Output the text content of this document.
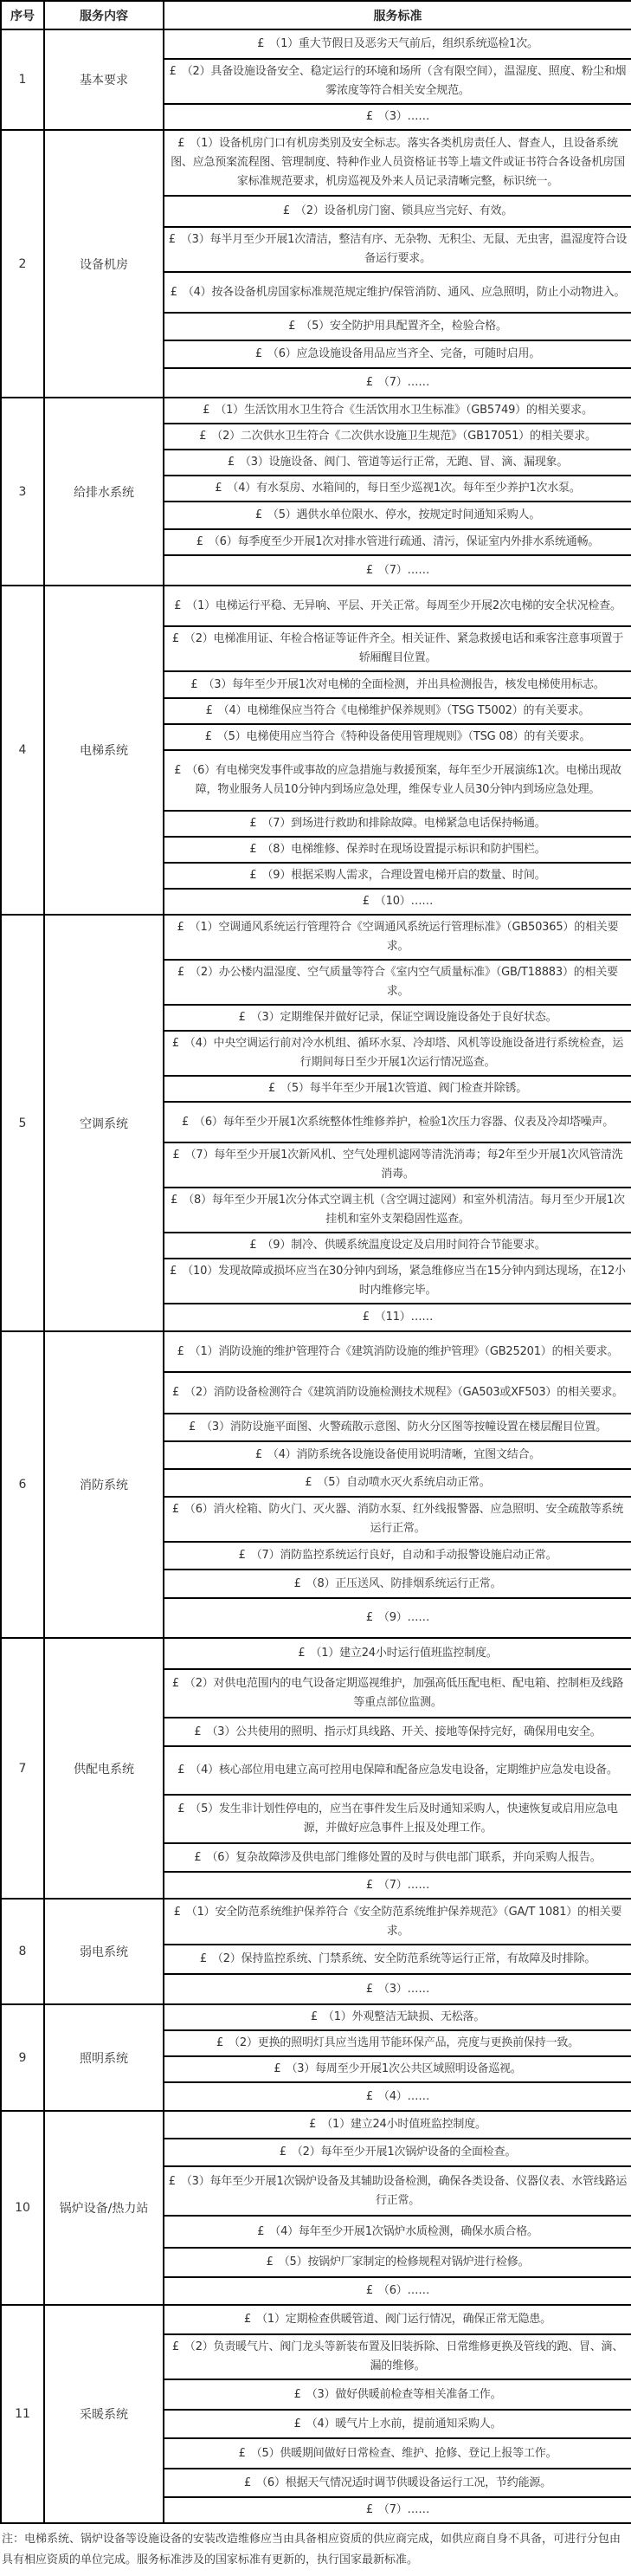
序号	服务内容	服务标准
1	基本要求	£ （1）重大节假日及恶劣天气前后，组织系统巡检1次。
		£ （2）具备设施设备安全、稳定运行的环境和场所（含有限空间），温湿度、照度、粉尘和烟雾浓度等符合相关安全规范。
		£ （3）……
2	设备机房	£ （1）设备机房门口有机房类别及安全标志。落实各类机房责任人、督查人，且设备系统图、应急预案流程图、管理制度、特种作业人员资格证书等上墙文件或证书符合各设备机房国家标准规范要求，机房巡视及外来人员记录清晰完整，标识统一。
		£ （2）设备机房门窗、锁具应当完好、有效。
		£ （3）每半月至少开展1次清洁，整洁有序、无杂物、无积尘、无鼠、无虫害，温湿度符合设备运行要求。
		£ （4）按各设备机房国家标准规范规定维护/保管消防、通风、应急照明，防止小动物进入。
		£ （5）安全防护用具配置齐全，检验合格。
		£ （6）应急设施设备用品应当齐全、完备，可随时启用。
		£ （7）……
3	给排水系统	£ （1）生活饮用水卫生符合《生活饮用水卫生标准》（GB5749）的相关要求。
		£ （2）二次供水卫生符合《二次供水设施卫生规范》（GB17051）的相关要求。
		£ （3）设施设备、阀门、管道等运行正常，无跑、冒、滴、漏现象。
		£ （4）有水泵房、水箱间的，每日至少巡视1次。每年至少养护1次水泵。
		£ （5）遇供水单位限水、停水，按规定时间通知采购人。
		£ （6）每季度至少开展1次对排水管进行疏通、清污，保证室内外排水系统通畅。
		£ （7）……
4	电梯系统	£ （1）电梯运行平稳、无异响、平层、开关正常。每周至少开展2次电梯的安全状况检查。
		£ （2）电梯准用证、年检合格证等证件齐全。相关证件、紧急救援电话和乘客注意事项置于轿厢醒目位置。
		£ （3）每年至少开展1次对电梯的全面检测，并出具检测报告，核发电梯使用标志。
		£ （4）电梯维保应当符合《电梯维护保养规则》（TSG T5002）的有关要求。
		£ （5）电梯使用应当符合《特种设备使用管理规则》（TSG 08）的有关要求。
		£ （6）有电梯突发事件或事故的应急措施与救援预案，每年至少开展演练1次。电梯出现故障，物业服务人员10分钟内到场应急处理，维保专业人员30分钟内到场应急处理。
		£ （7）到场进行救助和排除故障。电梯紧急电话保持畅通。
		£ （8）电梯维修、保养时在现场设置提示标识和防护围栏。
		£ （9）根据采购人需求，合理设置电梯开启的数量、时间。
		£ （10）……
5	空调系统	£ （1）空调通风系统运行管理符合《空调通风系统运行管理标准》（GB50365）的相关要求。
		£ （2）办公楼内温湿度、空气质量等符合《室内空气质量标准》（GB/T18883）的相关要求。
		£ （3）定期维保并做好记录，保证空调设施设备处于良好状态。
		£ （4）中央空调运行前对冷水机组、循环水泵、冷却塔、风机等设施设备进行系统检查，运行期间每日至少开展1次运行情况巡查。
		£ （5）每半年至少开展1次管道、阀门检查并除锈。
		£ （6）每年至少开展1次系统整体性维修养护，检验1次压力容器、仪表及冷却塔噪声。
		£ （7）每年至少开展1次新风机、空气处理机滤网等清洗消毒；每2年至少开展1次风管清洗消毒。
		£ （8）每年至少开展1次分体式空调主机（含空调过滤网）和室外机清洁。每月至少开展1次挂机和室外支架稳固性巡查。
		£ （9）制冷、供暖系统温度设定及启用时间符合节能要求。
		£ （10）发现故障或损坏应当在30分钟内到场，紧急维修应当在15分钟内到达现场，在12小时内维修完毕。
		£ （11）……
6	消防系统	£ （1）消防设施的维护管理符合《建筑消防设施的维护管理》（GB25201）的相关要求。
		£ （2）消防设备检测符合《建筑消防设施检测技术规程》（GA503或XF503）的相关要求。
		£ （3）消防设施平面图、火警疏散示意图、防火分区图等按幢设置在楼层醒目位置。
		£ （4）消防系统各设施设备使用说明清晰，宜图文结合。
		£ （5）自动喷水灭火系统启动正常。
		£ （6）消火栓箱、防火门、灭火器、消防水泵、红外线报警器、应急照明、安全疏散等系统运行正常。
		£ （7）消防监控系统运行良好，自动和手动报警设施启动正常。
		£ （8）正压送风、防排烟系统运行正常。
		£ （9）……
7	供配电系统	£ （1）建立24小时运行值班监控制度。
		£ （2）对供电范围内的电气设备定期巡视维护，加强高低压配电柜、配电箱、控制柜及线路等重点部位监测。
		£ （3）公共使用的照明、指示灯具线路、开关、接地等保持完好，确保用电安全。
		£ （4）核心部位用电建立高可控用电保障和配备应急发电设备，定期维护应急发电设备。
		£ （5）发生非计划性停电的，应当在事件发生后及时通知采购人，快速恢复或启用应急电源，并做好应急事件上报及处理工作。
		£ （6）复杂故障涉及供电部门维修处置的及时与供电部门联系，并向采购人报告。
		£ （7）……
8	弱电系统	£ （1）安全防范系统维护保养符合《安全防范系统维护保养规范》（GA/T 1081）的相关要求。
		£ （2）保持监控系统、门禁系统、安全防范系统等运行正常，有故障及时排除。
		£ （3）……
9	照明系统	£ （1）外观整洁无缺损、无松落。
		£ （2）更换的照明灯具应当选用节能环保产品，亮度与更换前保持一致。
		£ （3）每周至少开展1次公共区域照明设备巡视。
		£ （4）……
10	锅炉设备/热力站	£ （1）建立24小时值班监控制度。
		£ （2）每年至少开展1次锅炉设备的全面检查。
		£ （3）每年至少开展1次锅炉设备及其辅助设备检测，确保各类设备、仪器仪表、水管线路运行正常。
		£ （4）每年至少开展1次锅炉水质检测，确保水质合格。
		£ （5）按锅炉厂家制定的检修规程对锅炉进行检修。
		£ （6）……
11	采暖系统	£ （1）定期检查供暖管道、阀门运行情况，确保正常无隐患。
		£ （2）负责暖气片、阀门龙头等新装布置及旧装拆除、日常维修更换及管线的跑、冒、滴、漏的维修。
		£ （3）做好供暖前检查等相关准备工作。
		£ （4）暖气片上水前，提前通知采购人。
		£ （5）供暖期间做好日常检查、维护、抢修、登记上报等工作。
		£ （6）根据天气情况适时调节供暖设备运行工况，节约能源。
		£ （7）……
注：电梯系统、锅炉设备等设施设备的安装改造维修应当由具备相应资质的供应商完成，如供应商自身不具备，可进行分包由具有相应资质的单位完成。服务标准涉及的国家标准有更新的，执行国家最新标准。
